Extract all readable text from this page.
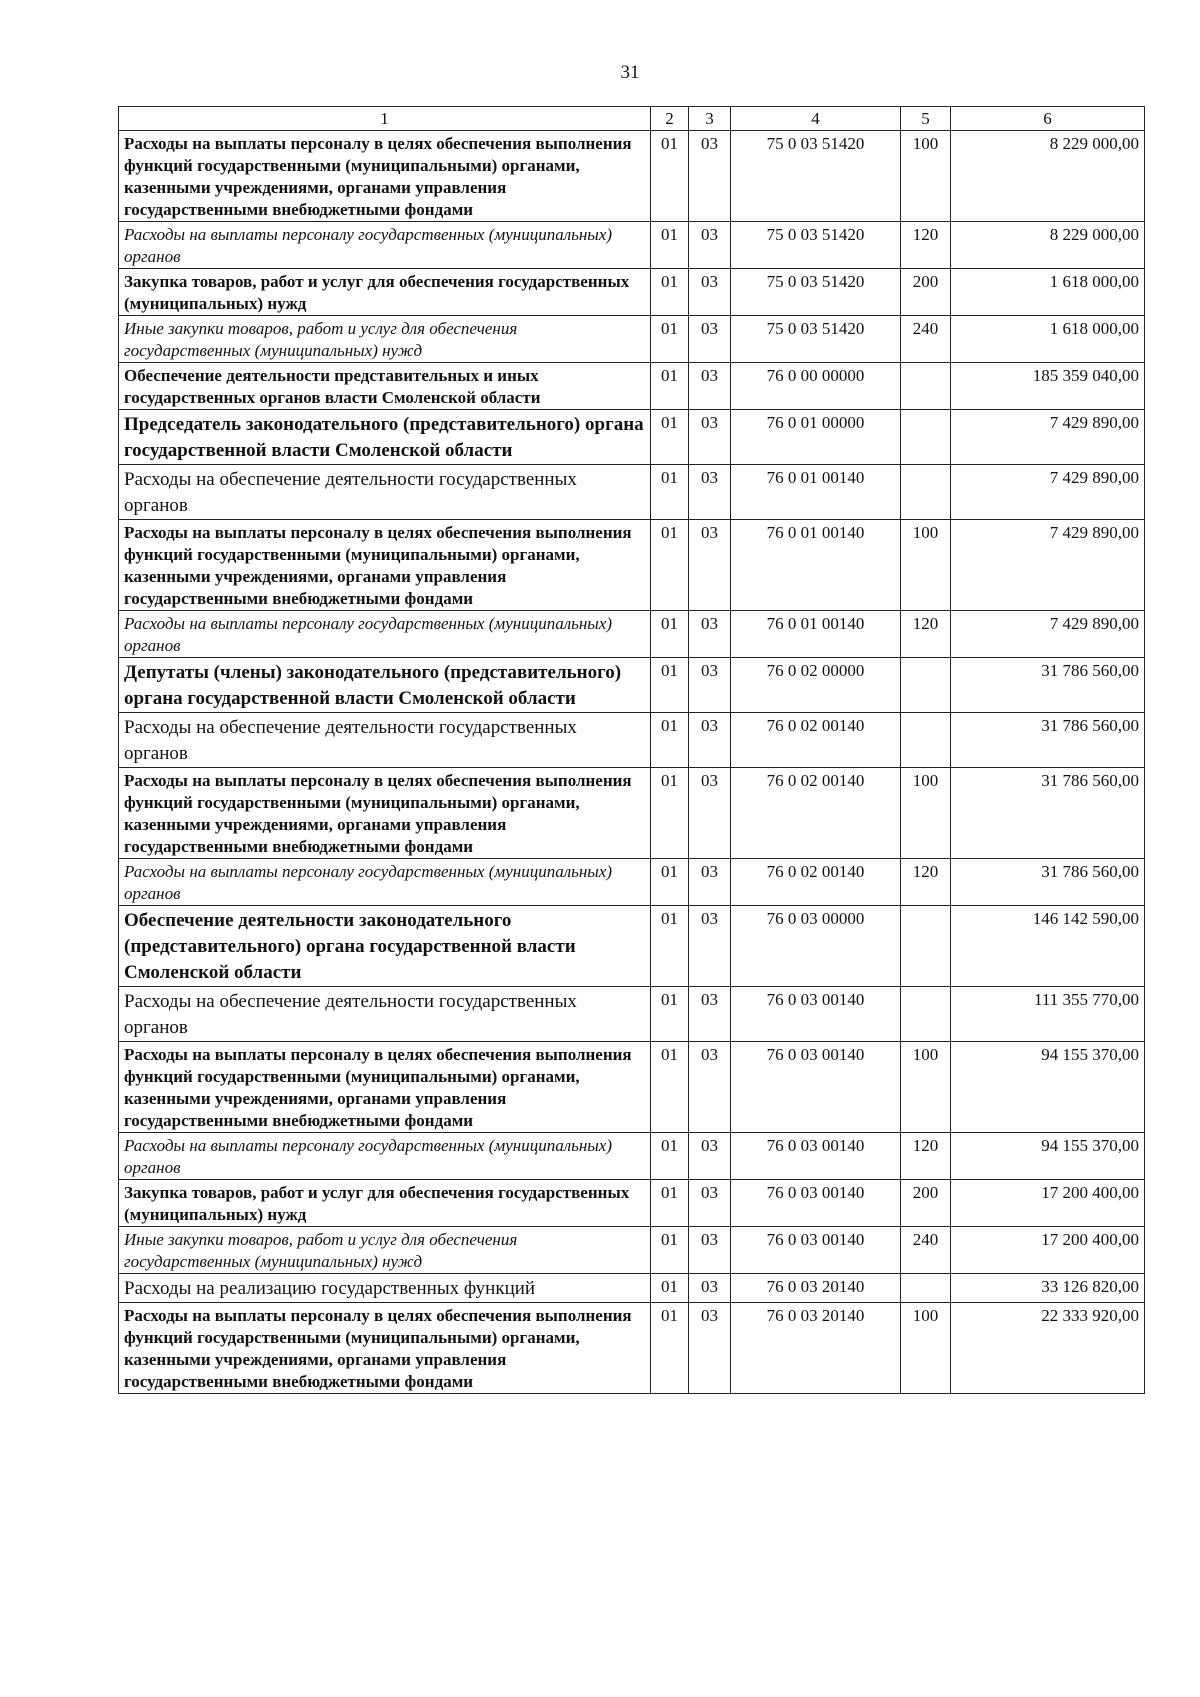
31
1	2	3	4	5	6
Расходы на выплаты персоналу в целях обеспечения выполнения функций государственными (муниципальными) органами, казенными учреждениями, органами управления государственными внебюджетными фондами	01	03	75 0 03 51420	100	8 229 000,00
Расходы на выплаты персоналу государственных (муниципальных) органов	01	03	75 0 03 51420	120	8 229 000,00
Закупка товаров, работ и услуг для обеспечения государственных (муниципальных) нужд	01	03	75 0 03 51420	200	1 618 000,00
Иные закупки товаров, работ и услуг для обеспечения государственных (муниципальных) нужд	01	03	75 0 03 51420	240	1 618 000,00
Обеспечение деятельности представительных и иных государственных органов власти Смоленской области	01	03	76 0 00 00000		185 359 040,00
Председатель законодательного (представительного) органа государственной власти Смоленской области	01	03	76 0 01 00000		7 429 890,00
Расходы на обеспечение деятельности государственных органов	01	03	76 0 01 00140		7 429 890,00
Расходы на выплаты персоналу в целях обеспечения выполнения функций государственными (муниципальными) органами, казенными учреждениями, органами управления государственными внебюджетными фондами	01	03	76 0 01 00140	100	7 429 890,00
Расходы на выплаты персоналу государственных (муниципальных) органов	01	03	76 0 01 00140	120	7 429 890,00
Депутаты (члены) законодательного (представительного) органа государственной власти Смоленской области	01	03	76 0 02 00000		31 786 560,00
Расходы на обеспечение деятельности государственных органов	01	03	76 0 02 00140		31 786 560,00
Расходы на выплаты персоналу в целях обеспечения выполнения функций государственными (муниципальными) органами, казенными учреждениями, органами управления государственными внебюджетными фондами	01	03	76 0 02 00140	100	31 786 560,00
Расходы на выплаты персоналу государственных (муниципальных) органов	01	03	76 0 02 00140	120	31 786 560,00
Обеспечение деятельности законодательного (представительного) органа государственной власти Смоленской области	01	03	76 0 03 00000		146 142 590,00
Расходы на обеспечение деятельности государственных органов	01	03	76 0 03 00140		111 355 770,00
Расходы на выплаты персоналу в целях обеспечения выполнения функций государственными (муниципальными) органами, казенными учреждениями, органами управления государственными внебюджетными фондами	01	03	76 0 03 00140	100	94 155 370,00
Расходы на выплаты персоналу государственных (муниципальных) органов	01	03	76 0 03 00140	120	94 155 370,00
Закупка товаров, работ и услуг для обеспечения государственных (муниципальных) нужд	01	03	76 0 03 00140	200	17 200 400,00
Иные закупки товаров, работ и услуг для обеспечения государственных (муниципальных) нужд	01	03	76 0 03 00140	240	17 200 400,00
Расходы на реализацию государственных функций	01	03	76 0 03 20140		33 126 820,00
Расходы на выплаты персоналу в целях обеспечения выполнения функций государственными (муниципальными) органами, казенными учреждениями, органами управления государственными внебюджетными фондами	01	03	76 0 03 20140	100	22 333 920,00
